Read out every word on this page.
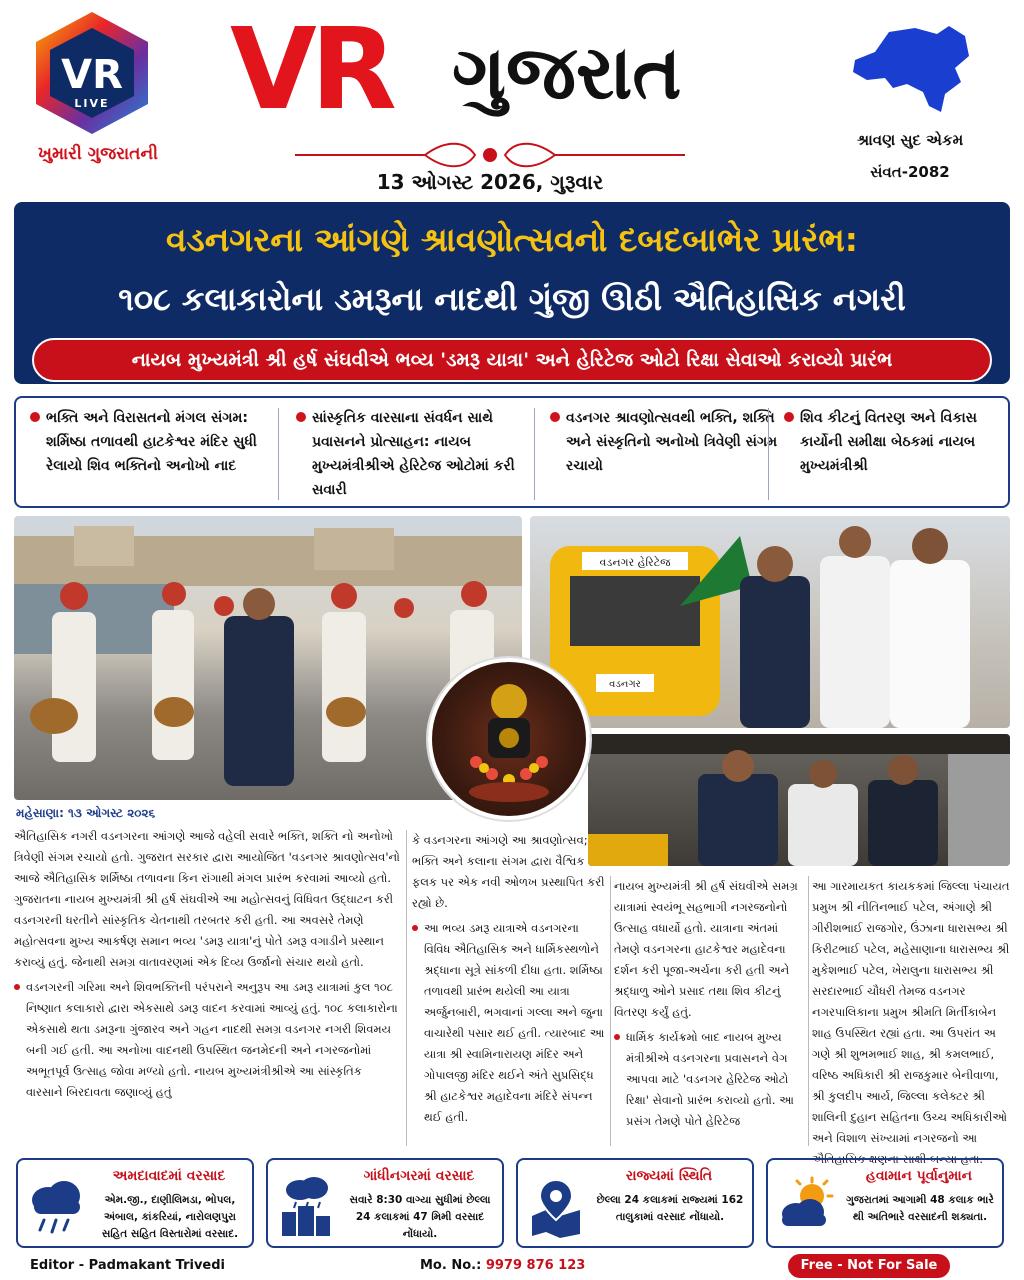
VR
LIVE
ખુમારી ગુજરાતની
VR ગુજરાત
13 ઓગસ્ટ 2026, ગુરૂવાર
શ્રાવણ સુદ એકમ
સંવત-2082
વડનગરના આંગણે શ્રાવણોત્સવનો દબદબાભેર પ્રારંભ:
૧૦૮ કલાકારોના ડમરૂના નાદથી ગુંજી ઊઠી ઐતિહાસિક નગરી
નાયબ મુખ્યમંત્રી શ્રી હર્ષ સંઘવીએ ભવ્ય 'ડમરૂ યાત્રા' અને હેરિટેજ ઓટો રિક્ષા સેવાઓ કરાવ્યો પ્રારંભ
ભક્તિ અને વિરાસતનો મંગલ સંગમ: શર્મિષ્ઠા તળાવથી હાટકેશ્વર મંદિર સુધી રેલાયો શિવ ભક્તિનો અનોખો નાદ
સાંસ્કૃતિક વારસાના સંવર્ધન સાથે પ્રવાસનને પ્રોત્સાહન: નાયબ મુખ્યમંત્રીશ્રીએ હેરિટેજ ઓટોમાં કરી સવારી
વડનગર શ્રાવણોત્સવથી ભક્તિ, શક્તિ અને સંસ્કૃતિનો અનોખો ત્રિવેણી સંગમ રચાયો
શિવ કીટનું વિતરણ અને વિકાસ કાર્યોની સમીક્ષા બેઠકમાં નાયબ મુખ્યમંત્રીશ્રી
વડનગર હેરિટેજ
વડનગર
મહેસાણા: ૧૩ ઓગસ્ટ ૨૦૨૬

ઐતિહાસિક નગરી વડનગરના આંગણે આજે વહેલી સવારે ભક્તિ, શક્તિ નો અનોખો ત્રિવેણી સંગમ રચાયો હતો. ગુજરાત સરકાર દ્વારા આયોજિત 'વડનગર શ્રાવણોત્સવ'નો આજે ઐતિહાસિક શર્મિષ્ઠા તળાવના કિન રાંગાથી મંગલ પ્રારંભ કરવામાં આવ્યો હતો. ગુજરાતના નાયબ મુખ્યમંત્રી શ્રી હર્ષ સંઘવીએ આ મહોત્સવનું વિધિવત ઉદ્ઘાટન કરી વડનગરની ધરતીને સાંસ્કૃતિક ચેતનાથી તરબતર કરી હતી. આ અવસરે તેમણે મહોત્સવના મુખ્ય આકર્ષણ સમાન ભવ્ય 'ડમરૂ યાત્રા'નું પોતે ડમરૂ વગાડીને પ્રસ્થાન કરાવ્યું હતું. જેનાથી સમગ્ર વાતાવરણમાં એક દિવ્ય ઉર્જાનો સંચાર થયો હતો.

વડનગરની ગરિમા અને શિવભક્તિની પરંપરાને અનુરૂપ આ ડમરૂ યાત્રામાં કુલ ૧૦૮ નિષ્ણાત કલાકારો દ્વારા એકસાથે ડમરૂ વાદન કરવામાં આવ્યું હતું. ૧૦૮ કલાકારોના એકસાથે થતા ડમરૂના ગુંજારવ અને ગહન નાદથી સમગ્ર વડનગર નગરી શિવમય બની ગઈ હતી. આ અનોખા વાદનથી ઉપસ્થિત જનમેદની અને નગરજનોમાં અભૂતપૂર્વ ઉત્સાહ જોવા મળ્યો હતો. નાયબ મુખ્યમંત્રીશ્રીએ આ સાંસ્કૃતિક વારસાને બિરદાવતા જણાવ્યું હતું

કે વડનગરના આંગણે આ શ્રાવણોત્સવ; ભક્તિ અને કલાના સંગમ દ્વારા વૈશ્વિક ફલક પર એક નવી ઓળખ પ્રસ્થાપિત કરી રહ્યો છે.

આ ભવ્ય ડમરૂ યાત્રાએ વડનગરના વિવિધ ઐતિહાસિક અને ધાર્મિકસ્થળોને શ્રદ્ધાના સૂત્રે સાંકળી દીધા હતા. શર્મિષ્ઠા તળાવથી પ્રારંભ થયેલી આ યાત્રા અર્જુનબારી, ભગવાનાં ગલ્લા અને જુના વાચારેથી પસાર થઈ હતી. ત્યારબાદ આ યાત્રા શ્રી સ્વામિનારાયણ મંદિર અને ગોપાલજી મંદિર થઈને અંતે સુપ્રસિદ્ધ શ્રી હાટકેશ્વર મહાદેવના મંદિરે સંપન્ન થઈ હતી.

નાયબ મુખ્યમંત્રી શ્રી હર્ષ સંઘવીએ સમગ્ર યાત્રામાં સ્વયંભૂ સહભાગી નગરજનોનો ઉત્સાહ વધાર્યો હતો. યાત્રાના અંતમાં તેમણે વડનગરના હાટકેશ્વર મહાદેવના દર્શન કરી પૂજા-અર્ચના કરી હતી અને શ્રદ્ધાળુ ઓને પ્રસાદ તથા શિવ કીટનું વિતરણ કર્યું હતું.

ધાર્મિક કાર્યક્રમો બાદ નાયબ મુખ્ય મંત્રીશ્રીએ વડનગરના પ્રવાસનને વેગ આપવા માટે 'વડનગર હેરિટેજ ઓટો રિક્ષા' સેવાનો પ્રારંભ કરાવ્યો હતો. આ પ્રસંગ તેમણે પોતે હેરિટેજ

આ ગારમાયકત કાયકકમાં જિલ્લા પંચાયત પ્રમુખ શ્રી નીતિનભાઈ પટેલ, અંગાણે શ્રી ગીરીશભાઈ રાજગોર, ઉંઝાના ધારાસભ્ય શ્રી કિરીટભાઈ પટેલ, મહેસાણાના ધારાસભ્ય શ્રી મુકેશભાઈ પટેલ, ખેરાલુના ધારાસભ્ય શ્રી સરદારભાઈ ચૌધરી તેમજ વડનગર નગરપાલિકાના પ્રમુખ શ્રીમતિ મિર્તીકાબેન શાહ ઉપસ્થિત રહ્યાં હતા. આ ઉપરાંત અ ગણે શ્રી શુભમભાઈ શાહ, શ્રી કમલભાઈ, વરિષ્ઠ અધિકારી શ્રી રાજકુમાર બેનીવાળા, શ્રી કુલદીપ આર્ય, જિલ્લા કલેક્ટર શ્રી શાલિની દુહાન સહિતના ઉચ્ચ અધિકારીઓ અને વિશાળ સંખ્યામાં નગરજનો આ ઐતિહાસિક ક્ષણના સાક્ષી બન્યા હતા.

અમદાવાદમાં વરસાદ
એમ.જી., દાણીલિમડા, ભોપલ, અંબાલ, કાંકરિયાં, નારોલણપુરા સહિત સહિત વિસ્તારોમાં વરસાદ.
ગાંધીનગરમાં વરસાદ
સવારે 8:30 વાગ્યા સુધીમાં છેલ્લા 24 કલાકમાં 47 મિમી વરસાદ નોંધાયો.
રાજ્યમાં સ્થિતિ
છેલ્લા 24 કલાકમાં રાજ્યમાં 162 તાલુકામાં વરસાદ નોંધાયો.
હવામાન પૂર્વાનુમાન
ગુજરાતમાં આગામી 48 કલાક ભારે થી અતિભારે વરસાદની શક્યતા.
Editor - Padmakant Trivedi	Mo. No.: 9979 876 123	Free - Not For Sale
